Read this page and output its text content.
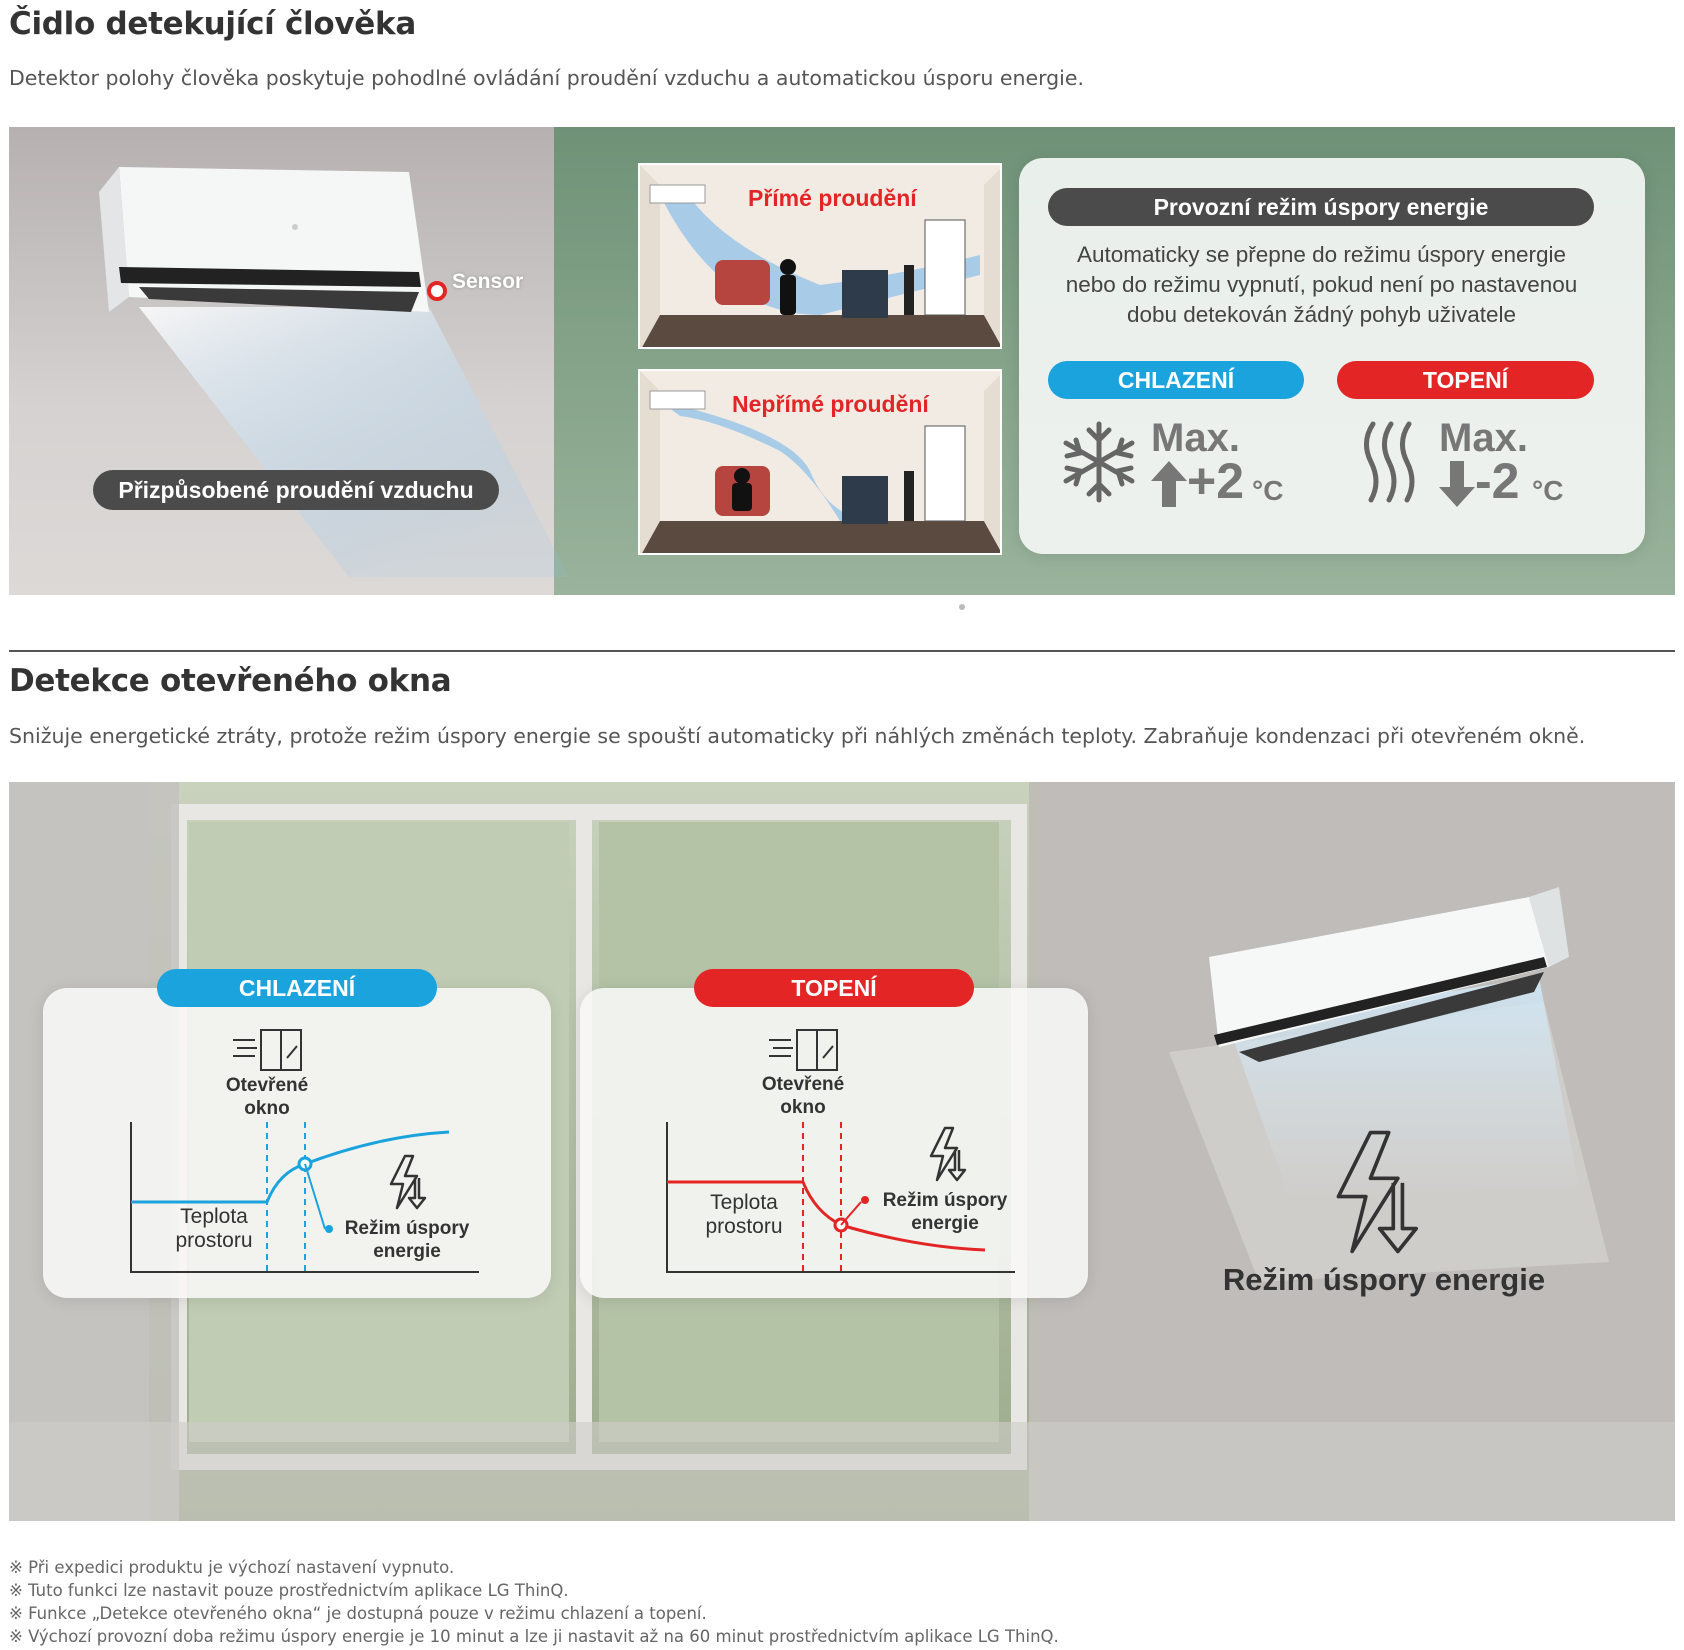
Čidlo detekující člověka
Detektor polohy člověka poskytuje pohodlné ovládání proudění vzduchu a automatickou úsporu energie.
Sensor
Přizpůsobené proudění vzduchu
Přímé proudění
Nepřímé proudění
Provozní režim úspory energie
Automaticky se přepne do režimu úspory energie
nebo do režimu vypnutí, pokud není po nastavenou
dobu detekován žádný pohyb uživatele
CHLAZENÍ	TOPENÍ
Max.
+2 °C
Max.
-2 °C
Detekce otevřeného okna
Snižuje energetické ztráty, protože režim úspory energie se spouští automaticky při náhlých změnách teploty. Zabraňuje kondenzaci při otevřeném okně.
CHLAZENÍ
Otevřené
okno
Teplota
prostoru
Režim úspory
energie
TOPENÍ
Otevřené
okno
Teplota
prostoru
Režim úspory
energie
Režim úspory energie
※ Při expedici produktu je výchozí nastavení vypnuto.
※ Tuto funkci lze nastavit pouze prostřednictvím aplikace LG ThinQ.
※ Funkce „Detekce otevřeného okna“ je dostupná pouze v režimu chlazení a topení.
※ Výchozí provozní doba režimu úspory energie je 10 minut a lze ji nastavit až na 60 minut prostřednictvím aplikace LG ThinQ.
